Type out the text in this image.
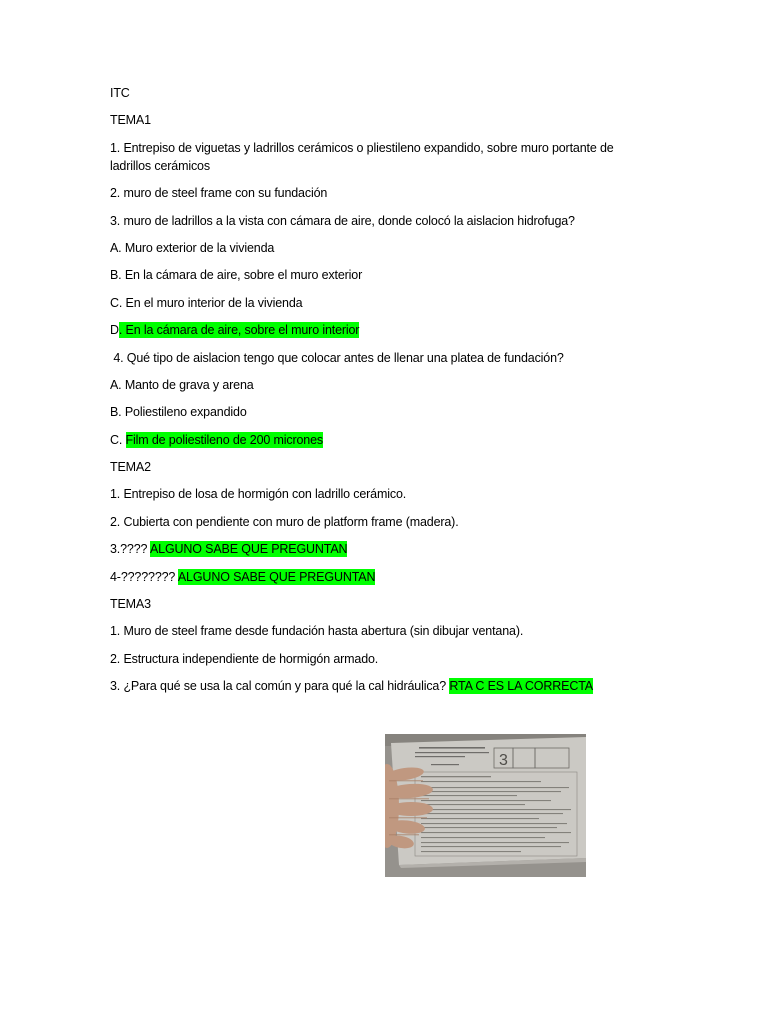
ITC
TEMA1
1. Entrepiso de viguetas y ladrillos cerámicos o pliestileno expandido, sobre muro portante de
ladrillos cerámicos
2. muro de steel frame con su fundación
3. muro de ladrillos a la vista con cámara de aire, donde colocó la aislacion hidrofuga?
A. Muro exterior de la vivienda
B. En la cámara de aire, sobre el muro exterior
C. En el muro interior de la vivienda
D. En la cámara de aire, sobre el muro interior
4. Qué tipo de aislacion tengo que colocar antes de llenar una platea de fundación?
A. Manto de grava y arena
B. Poliestileno expandido
C. Film de poliestileno de 200 micrones
TEMA2
1. Entrepiso de losa de hormigón con ladrillo cerámico.
2. Cubierta con pendiente con muro de platform frame (madera).
3.???? ALGUNO SABE QUE PREGUNTAN
4-???????? ALGUNO SABE QUE PREGUNTAN
TEMA3
1. Muro de steel frame desde fundación hasta abertura (sin dibujar ventana).
2. Estructura independiente de hormigón armado.
3. ¿Para qué se usa la cal común y para qué la cal hidráulica? RTA C ES LA CORRECTA
3
